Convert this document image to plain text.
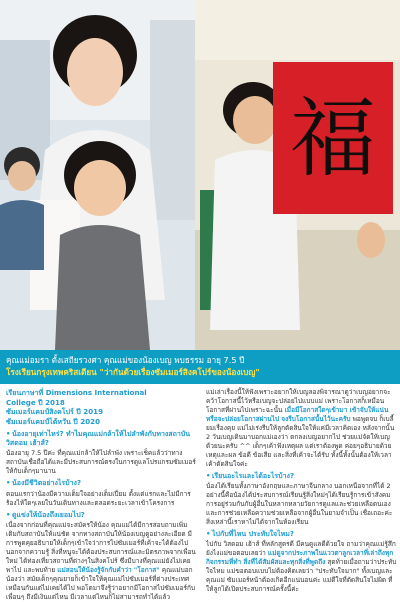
福
คุณแม่อมรา ตั้งเสถียรวงศา คุณแม่ของน้องเบญ พบธรรม อายุ 7.5 ปี
โรงเรียนกรุงเทพคริสเตียน "ว่ากันด้วยเรื่องซัมเมอร์สิงคโปร์ของน้องเบญ"
เรียนภาษาที่ Dimensions International
College ปี 2018
ซัมเมอร์แคมป์สิงคโปร์ ปี 2019
ซัมเมอร์แคมป์ไต้หวัน ปี 2020
• น้องอายุเท่าไหร่? ทำไมคุณแม่กล้าให้ไปลำพังกับทางสถาบัน วิสดอม เฮ้าส์?
น้องอายุ 7.5 ปีค่ะ ที่คุณแม่กล้าให้ไปลำพัง เพราะเช็คแล้วว่าทางสถาบันเชื่อถือได้และมีประสบการณ์ตรงในการดูแลโปรแกรมซัมเมอร์ให้กับเด็กๆมานาน
• น้องมีชีวิตอย่างไรบ้าง?
ตอนแรกว่าน้องมีความเต็มใจอย่างเต็มเปี่ยม ตั้งแต่แรกและไม่มีการร้องไห้ใดๆเลยในวันเดินทางและตลอดระยะเวลาเข้าโครงการ
• ดูแข่งให้น้องถึงเยอมไป?
เนื่องจากก่อนที่คุณแม่จะสมัครให้น้อง คุณแม่ได้มีการสอบถามเพิ่มเติมกับสถาบันให้แน่ชัด จากทางสถาบันให้น้องเบญดูอย่างละเอียด มีการพูดคุยอธิบายให้เด็กๆเข้าใจว่าการไปซัมเมอร์ที่เค้าจะได้ต้องไปนอกจากความรู้ สิ่งที่หนูจะได้ต้องประสบการณ์และมิตรภาพจากเพื่อนใหม่ ได้ท่องเที่ยวสถานที่ต่างๆในสิงคโปร์ ซึ่งมีบางที่คุณแม่ยังไม่เคยพาไป และพบท้าย แม่สอนให้น้องรู้จักกับคำว่า "โอกาส" คุณแม่บอกน้องว่า สมัยเด็กๆคุณยายก็เข้าใจให้คุณแม่ไปซัมเมอร์ที่ต่างประเทศเหมือนกันแต่ไม่เคยได้ไป พอโตมาจึงรู้ว่าอยากมีโอกาสไปซัมเมอร์กับเพื่อนๆ ถึงมีเงินแต่ไหน มีเวลาแต่ไหนก็ไม่สามารถทำได้แล้ว
แม่เล่าเรื่องนี้ให้ฟังเพราะอยากให้เบญลองพิจารณาดูว่าเบญอยากจะคว้าโอกาสนี้ไว้หรือเบญจะปล่อยไปแบบแม่ เพราะโอกาสก็เหมือนโอกาสที่ผ่านไปเพราะฉะนั้น เมื่อมีโอกาสใดๆเข้ามา เข้าจับให้แน่นหรือจะปล่อยโอกาสผ่านไป จงรีบโอกาสนั้นไว้นะครับ พอพูดจบ ก็เบลี้ยมเรื่องคุย แม่ไม่เร่งรีบให้ลูกตัดสินใจให้แค่มีเวลาคิดเอง หลังจากนั้น 2 วันเบญเดินมาบอกแม่เองว่า ตกลงเบญอยากไป ช่วยแม่จัดให้เบญด้วยนะครับ ^^ เด็กๆเค้าฟังเหตุผล แต่เราต้องพูด ค่อยๆอธิบายด้วยเหตุและผล ข้อดี ข้อเสีย และสิ่งที่เค้าจะได้รับ ทั้งนี้ทั้งนั้นต้องให้เวลาเค้าตัดสินใจค่ะ
• เรียนอะไรและได้อะไรบ้าง?
น้องได้เรียนทั้งภาษาอังกฤษและภาษาจีนกลาง นอกเหนือจากที่ได้ 2 อย่างนี้คือน้องได้ประสบการณ์เรียนรู้สิ่งใหม่ๆได้เรียนรู้การเข้าสังคม การอยู่ร่วมกันกับผู้อื่นในหลากหลายวัยการดูแลและช่วยเหลือตนเอง และการช่วยเหลือความช่วยเหลือจากผู้อื่นในยามจำเป็น เชื่อเถอะค่ะสิ่งเหล่านี้เราหาไม่ได้จากในห้องเรียน
• ไปกับที่ไหน ประทับใจไหม?
ไปกับ วิสดอม เฮ้าส์ ที่หลักสูตรดี มีคนดูแลดีด้วยใจ ถามว่าคุณแม่รู้สึกยังไงแม่ขอตอบเลยว่า แม่ดูจากประภาพในแววตาลูกเวลาที่เล่าถึงทุกกิจกรรมที่ทำ สิ่งที่ได้สัมผัสและทุกสิ่งที่พูดถึง สุดท้ายเมื่อถามว่าประทับใจไหม แม่ขอตอบแบบไม่ต้องคิดเลยว่า "ประทับใจมาก" ทั้งเบญและคุณแม่ ซัมเมอร์หน้าต้องเกิดอีกแน่นอนค่ะ แม่ดีใจที่ตัดสินใจไม่ผิด ที่ให้ลูกได้เปิดประสบการณ์ครั้งนี้ค่ะ
